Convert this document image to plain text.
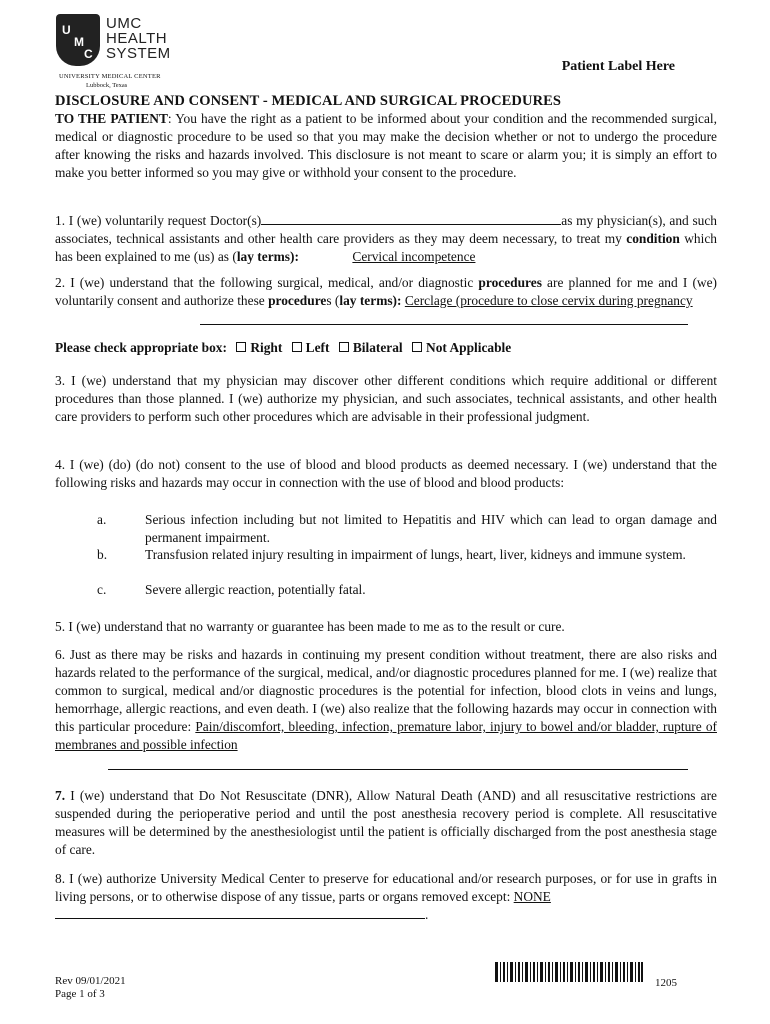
U
M
C
UMC
HEALTH
SYSTEM
UNIVERSITY MEDICAL CENTER
Lubbock, Texas
Patient Label Here
DISCLOSURE AND CONSENT - MEDICAL AND SURGICAL PROCEDURES
TO THE PATIENT: You have the right as a patient to be informed about your condition and the recommended surgical, medical or diagnostic procedure to be used so that you may make the decision whether or not to undergo the procedure after knowing the risks and hazards involved. This disclosure is not meant to scare or alarm you; it is simply an effort to make you better informed so you may give or withhold your consent to the procedure.
1. I (we) voluntarily request Doctor(s)	as my physician(s), and such associates, technical assistants and other health care providers as they may deem necessary, to treat my condition which has been explained to me (us) as (lay terms):	Cervical incompetence
2. I (we) understand that the following surgical, medical, and/or diagnostic procedures are planned for me and I (we) voluntarily consent and authorize these procedures (lay terms): Cerclage (procedure to close cervix during pregnancy
Please check appropriate box: Right Left Bilateral Not Applicable
3. I (we) understand that my physician may discover other different conditions which require additional or different procedures than those planned. I (we) authorize my physician, and such associates, technical assistants, and other health care providers to perform such other procedures which are advisable in their professional judgment.
4. I (we) (do) (do not) consent to the use of blood and blood products as deemed necessary. I (we) understand that the following risks and hazards may occur in connection with the use of blood and blood products:
a.	Serious infection including but not limited to Hepatitis and HIV which can lead to organ damage and permanent impairment.
b.	Transfusion related injury resulting in impairment of lungs, heart, liver, kidneys and immune system.
c.	Severe allergic reaction, potentially fatal.
5. I (we) understand that no warranty or guarantee has been made to me as to the result or cure.
6. Just as there may be risks and hazards in continuing my present condition without treatment, there are also risks and hazards related to the performance of the surgical, medical, and/or diagnostic procedures planned for me. I (we) realize that common to surgical, medical and/or diagnostic procedures is the potential for infection, blood clots in veins and lungs, hemorrhage, allergic reactions, and even death. I (we) also realize that the following hazards may occur in connection with this particular procedure: Pain/discomfort, bleeding, infection, premature labor, injury to bowel and/or bladder, rupture of membranes and possible infection
7. I (we) understand that Do Not Resuscitate (DNR), Allow Natural Death (AND) and all resuscitative restrictions are suspended during the perioperative period and until the post anesthesia recovery period is complete. All resuscitative measures will be determined by the anesthesiologist until the patient is officially discharged from the post anesthesia stage of care.
8. I (we) authorize University Medical Center to preserve for educational and/or research purposes, or for use in grafts in living persons, or to otherwise dispose of any tissue, parts or organs removed except: NONE
.
Rev 09/01/2021
Page 1 of 3
1205
